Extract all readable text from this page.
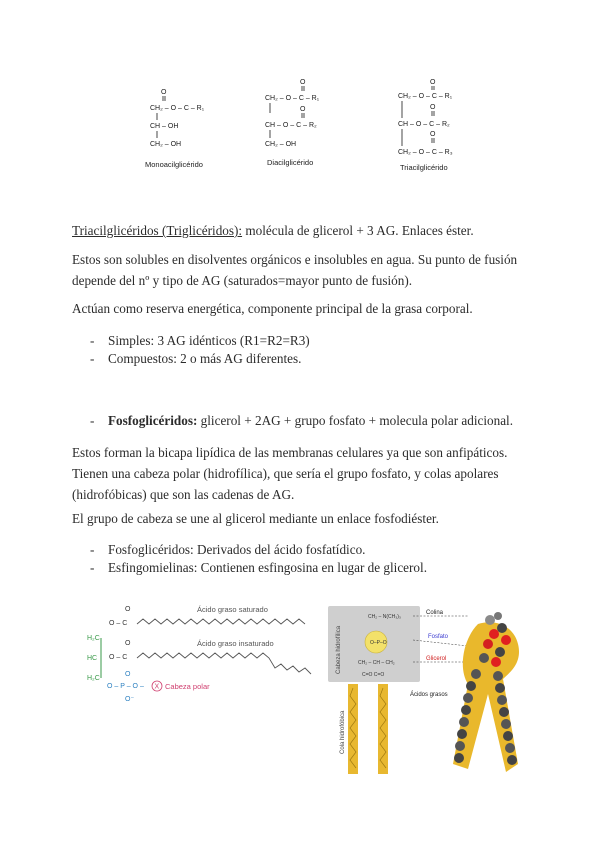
O
CH₂ – O – C – R₁
CH – OH
CH₂ – OH
Monoacilglicérido
O
CH₂ – O – C – R₁
O
CH – O – C – R₂
CH₂ – OH
Diacilglicérido
O
CH₂ – O – C – R₁
O
CH – O – C – R₂
O
CH₂ – O – C – R₃
Triacilglicérido
Triacilglicéridos (Triglicéridos): molécula de glicerol + 3 AG. Enlaces éster.
Estos son solubles en disolventes orgánicos e insolubles en agua. Su punto de fusión depende del nº y tipo de AG (saturados=mayor punto de fusión).
Actúan como reserva energética, componente principal de la grasa corporal.
- Simples: 3 AG idénticos (R1=R2=R3)
- Compuestos: 2 o más AG diferentes.
- Fosfoglicéridos: glicerol + 2AG + grupo fosfato + molecula polar adicional.
Estos forman la bicapa lipídica de las membranas celulares ya que son anfipáticos. Tienen una cabeza polar (hidrofílica), que sería el grupo fosfato, y colas apolares (hidrofóbicas) que son las cadenas de AG.
El grupo de cabeza se une al glicerol mediante un enlace fosfodiéster.
- Fosfoglicéridos: Derivados del ácido fosfatídico.
- Esfingomielinas: Contienen esfingosina en lugar de glicerol.
H₂C
HC
H₂C
O – C
O
O – C
O
Ácido graso saturado
Ácido graso insaturado
O – P – O –
O
O⁻
X Cabeza polar
Cabeza hidrofílica
CH₂ – N(CH₃)₃
O–P–O
CH₂ – CH – CH₂
C=O C=O
Colina
Fosfato
Glicerol
Cola hidrofóbica
Ácidos grasos
